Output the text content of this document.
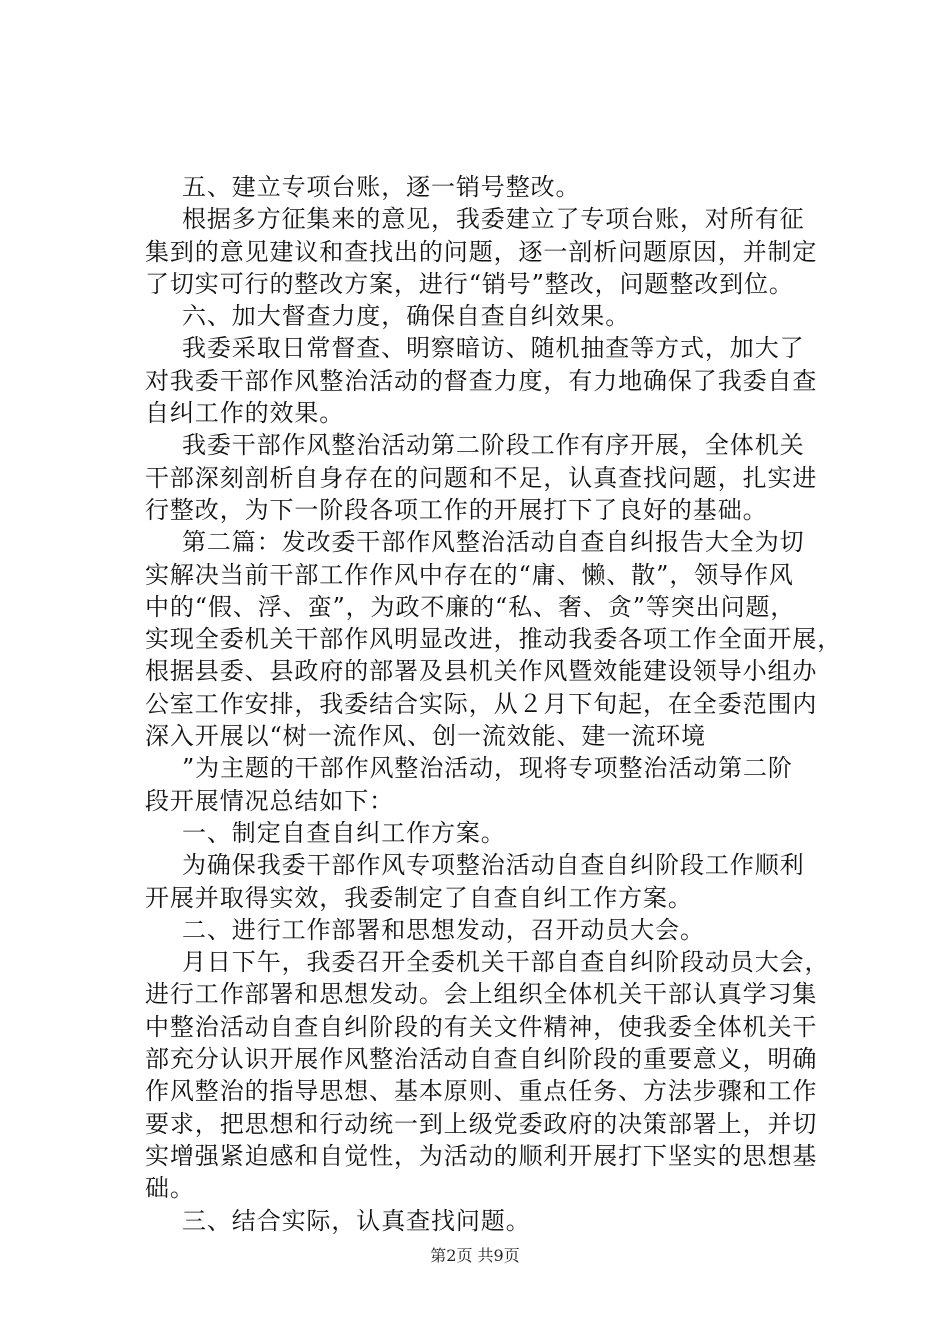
五、建立专项台账，逐一销号整改。
根据多方征集来的意见，我委建立了专项台账，对所有征
集到的意见建议和查找出的问题，逐一剖析问题原因，并制定
了切实可行的整改方案，进行“销号”整改，问题整改到位。
六、加大督查力度，确保自查自纠效果。
我委采取日常督查、明察暗访、随机抽查等方式，加大了
对我委干部作风整治活动的督查力度，有力地确保了我委自查
自纠工作的效果。
我委干部作风整治活动第二阶段工作有序开展，全体机关
干部深刻剖析自身存在的问题和不足，认真查找问题，扎实进
行整改，为下一阶段各项工作的开展打下了良好的基础。
第二篇：发改委干部作风整治活动自查自纠报告大全为切
实解决当前干部工作作风中存在的“庸、懒、散”，领导作风
中的“假、浮、蛮”，为政不廉的“私、奢、贪”等突出问题，
实现全委机关干部作风明显改进，推动我委各项工作全面开展，
根据县委、县政府的部署及县机关作风暨效能建设领导小组办
公室工作安排，我委结合实际，从２月下旬起，在全委范围内
深入开展以“树一流作风、创一流效能、建一流环境
”为主题的干部作风整治活动，现将专项整治活动第二阶
段开展情况总结如下：
一、制定自查自纠工作方案。
为确保我委干部作风专项整治活动自查自纠阶段工作顺利
开展并取得实效，我委制定了自查自纠工作方案。
二、进行工作部署和思想发动，召开动员大会。
月日下午，我委召开全委机关干部自查自纠阶段动员大会，
进行工作部署和思想发动。会上组织全体机关干部认真学习集
中整治活动自查自纠阶段的有关文件精神，使我委全体机关干
部充分认识开展作风整治活动自查自纠阶段的重要意义，明确
作风整治的指导思想、基本原则、重点任务、方法步骤和工作
要求，把思想和行动统一到上级党委政府的决策部署上，并切
实增强紧迫感和自觉性，为活动的顺利开展打下坚实的思想基
础。
三、结合实际，认真查找问题。
第2页 共9页
